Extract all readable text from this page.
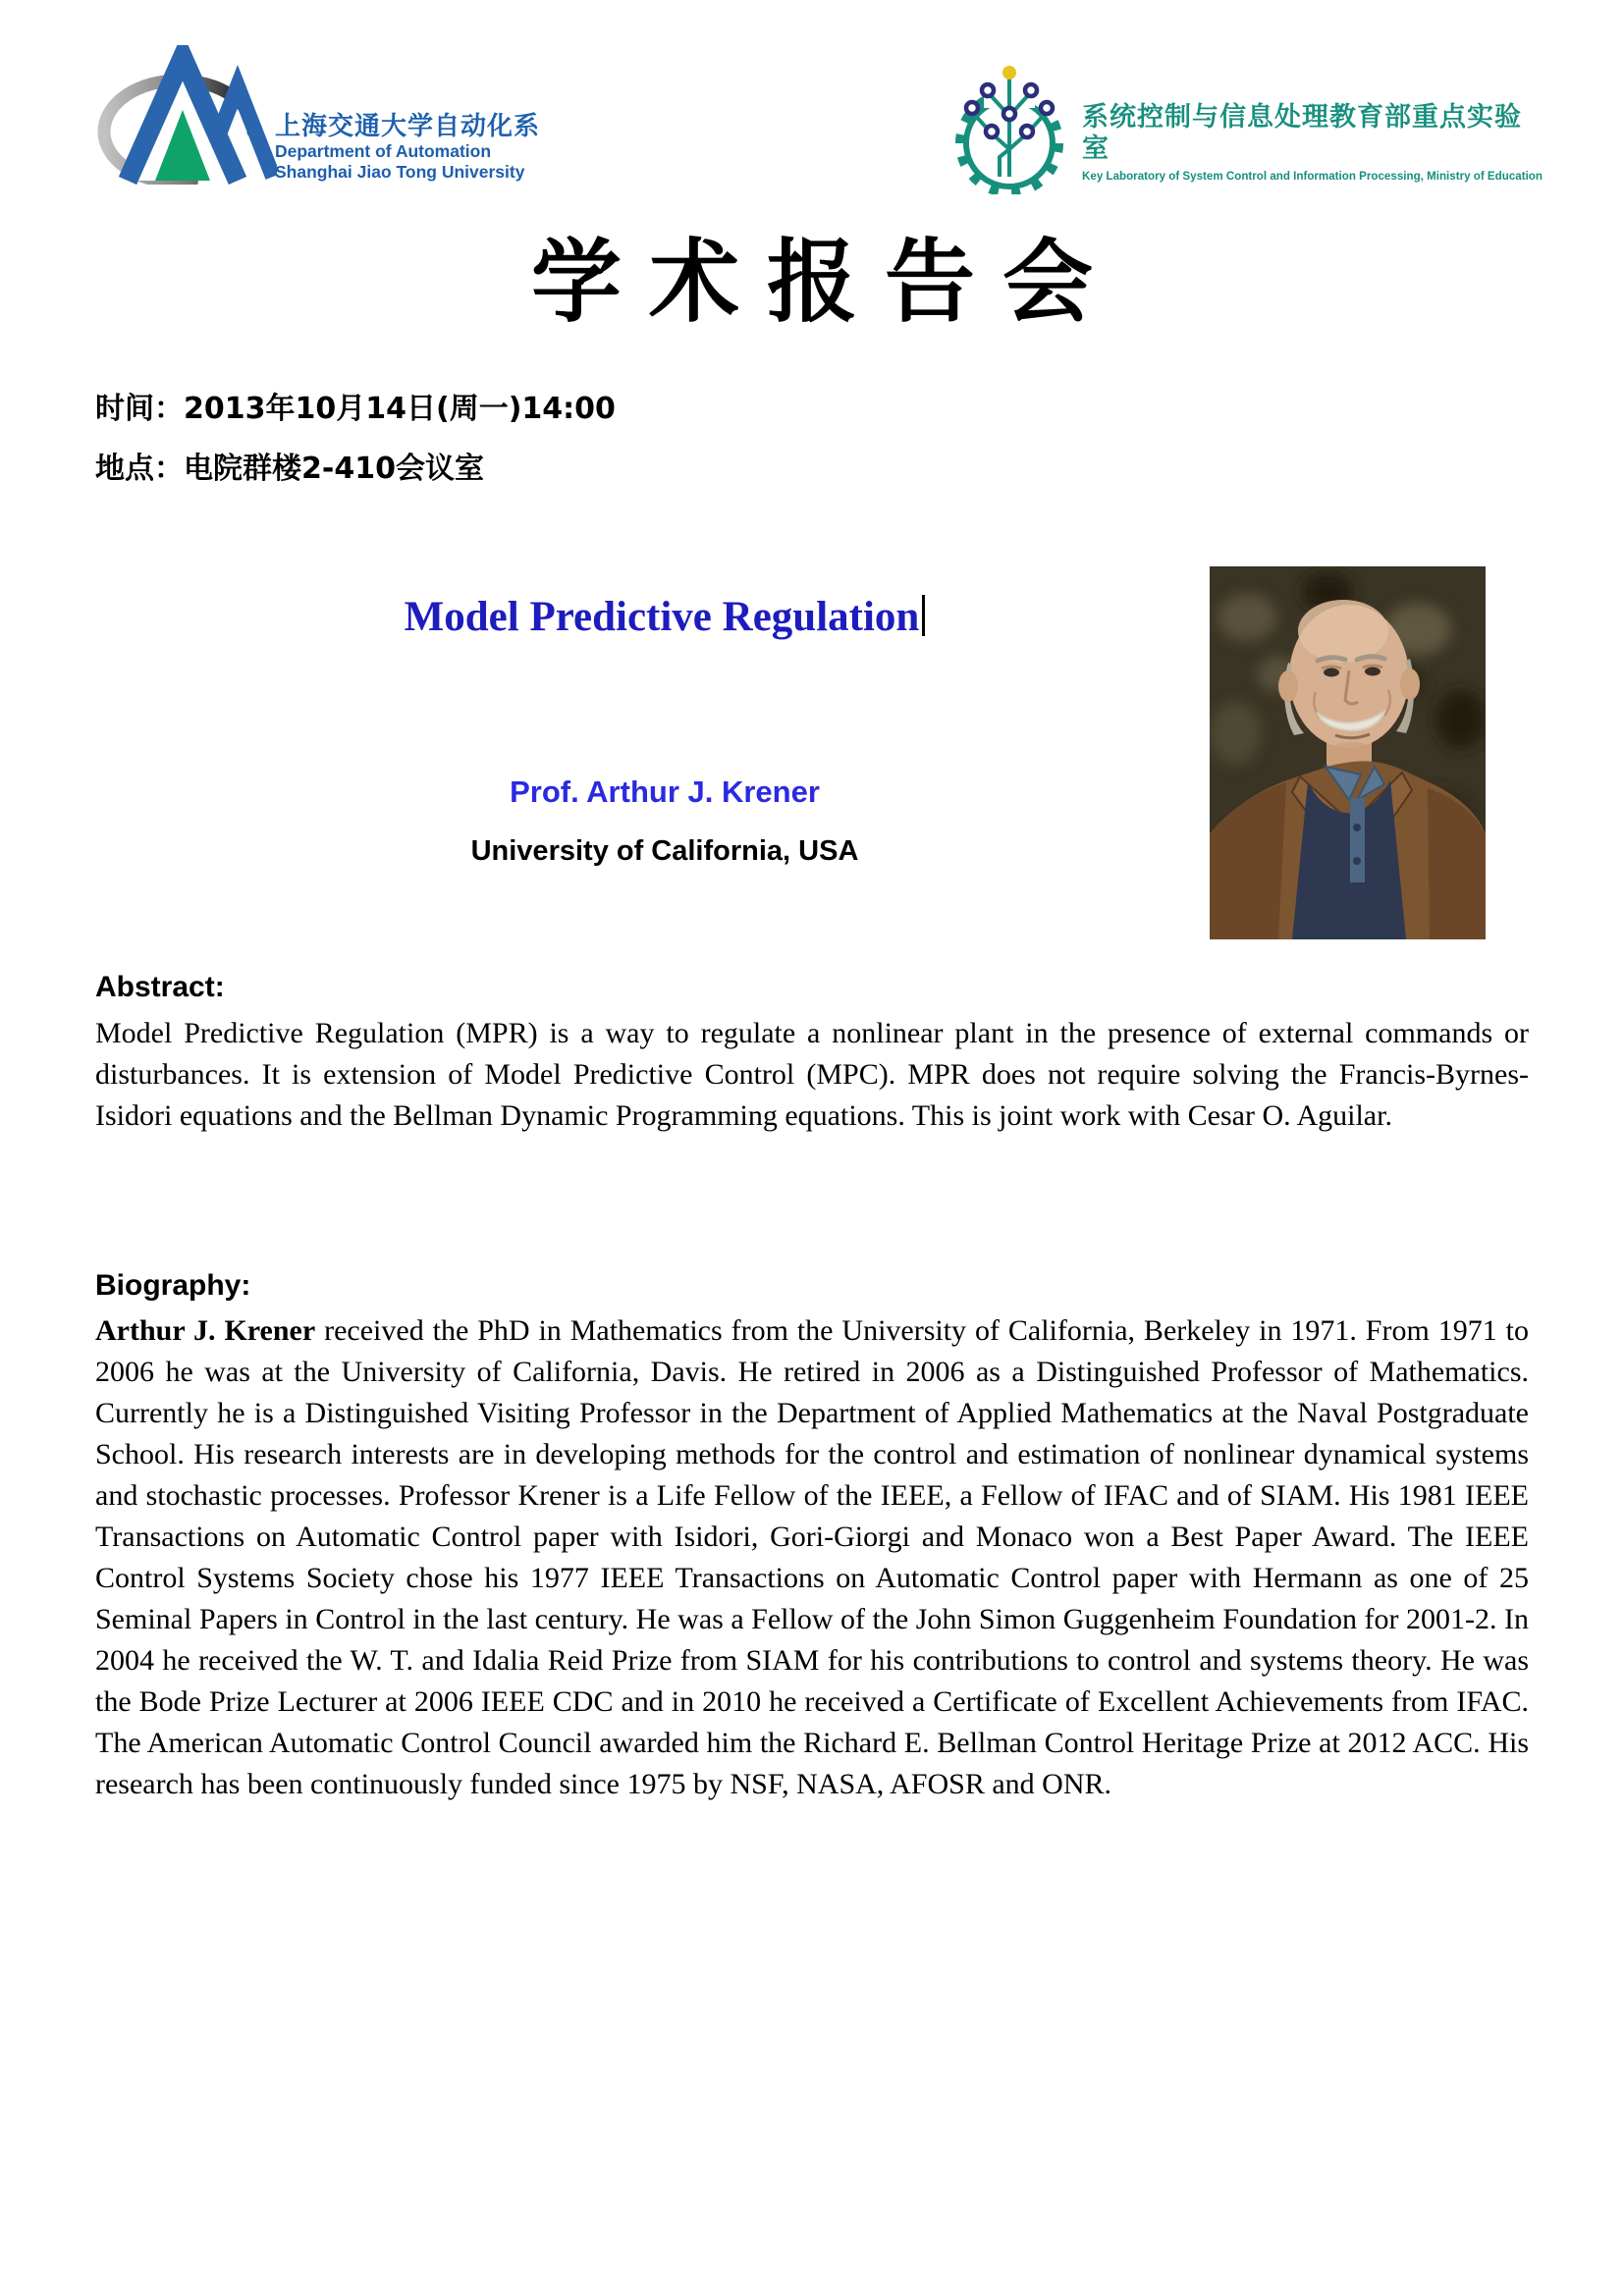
上海交通大学自动化系
Department of Automation
Shanghai Jiao Tong University
系统控制与信息处理教育部重点实验室
Key Laboratory of System Control and Information Processing, Ministry of Education
学术报告会
时间：2013年10月14日(周一)14:00
地点：电院群楼2-410会议室
Model Predictive Regulation
Prof. Arthur J. Krener
University of California, USA
Abstract:
Model Predictive Regulation (MPR) is a way to regulate a nonlinear plant in the presence of external commands or disturbances. It is extension of Model Predictive Control (MPC). MPR does not require solving the Francis-Byrnes-Isidori equations and the Bellman Dynamic Programming equations. This is joint work with Cesar O. Aguilar.
Biography:
Arthur J. Krener received the PhD in Mathematics from the University of California, Berkeley in 1971. From 1971 to 2006 he was at the University of California, Davis. He retired in 2006 as a Distinguished Professor of Mathematics. Currently he is a Distinguished Visiting Professor in the Department of Applied Mathematics at the Naval Postgraduate School. His research interests are in developing methods for the control and estimation of nonlinear dynamical systems and stochastic processes. Professor Krener is a Life Fellow of the IEEE, a Fellow of IFAC and of SIAM. His 1981 IEEE Transactions on Automatic Control paper with Isidori, Gori-Giorgi and Monaco won a Best Paper Award. The IEEE Control Systems Society chose his 1977 IEEE Transactions on Automatic Control paper with Hermann as one of 25 Seminal Papers in Control in the last century. He was a Fellow of the John Simon Guggenheim Foundation for 2001-2. In 2004 he received the W. T. and Idalia Reid Prize from SIAM for his contributions to control and systems theory. He was the Bode Prize Lecturer at 2006 IEEE CDC and in 2010 he received a Certificate of Excellent Achievements from IFAC. The American Automatic Control Council awarded him the Richard E. Bellman Control Heritage Prize at 2012 ACC. His research has been continuously funded since 1975 by NSF, NASA, AFOSR and ONR.
